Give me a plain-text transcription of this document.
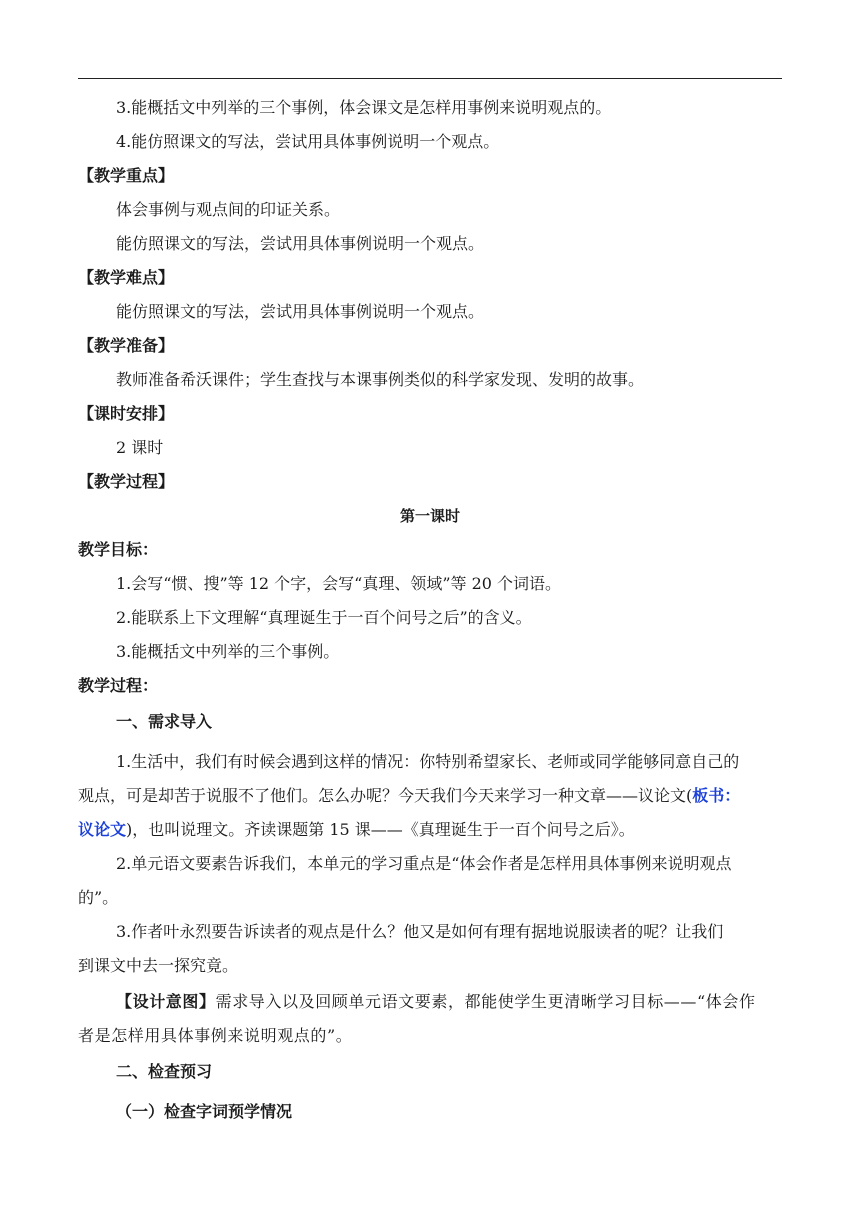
3.能概括文中列举的三个事例，体会课文是怎样用事例来说明观点的。
4.能仿照课文的写法，尝试用具体事例说明一个观点。
【教学重点】
体会事例与观点间的印证关系。
能仿照课文的写法，尝试用具体事例说明一个观点。
【教学难点】
能仿照课文的写法，尝试用具体事例说明一个观点。
【教学准备】
教师准备希沃课件；学生查找与本课事例类似的科学家发现、发明的故事。
【课时安排】
2 课时
【教学过程】
第一课时
教学目标：
1.会写“惯、搜”等 12 个字，会写“真理、领域”等 20 个词语。
2.能联系上下文理解“真理诞生于一百个问号之后”的含义。
3.能概括文中列举的三个事例。
教学过程：
一、需求导入
1.生活中，我们有时候会遇到这样的情况：你特别希望家长、老师或同学能够同意自己的
观点，可是却苦于说服不了他们。怎么办呢？今天我们今天来学习一种文章——议论文(板书：
议论文)，也叫说理文。齐读课题第 15 课——《真理诞生于一百个问号之后》。
2.单元语文要素告诉我们，本单元的学习重点是“体会作者是怎样用具体事例来说明观点
的”。
3.作者叶永烈要告诉读者的观点是什么？他又是如何有理有据地说服读者的呢？让我们
到课文中去一探究竟。
【设计意图】需求导入以及回顾单元语文要素，都能使学生更清晰学习目标——“体会作
者是怎样用具体事例来说明观点的”。
二、检查预习
（一）检查字词预学情况
